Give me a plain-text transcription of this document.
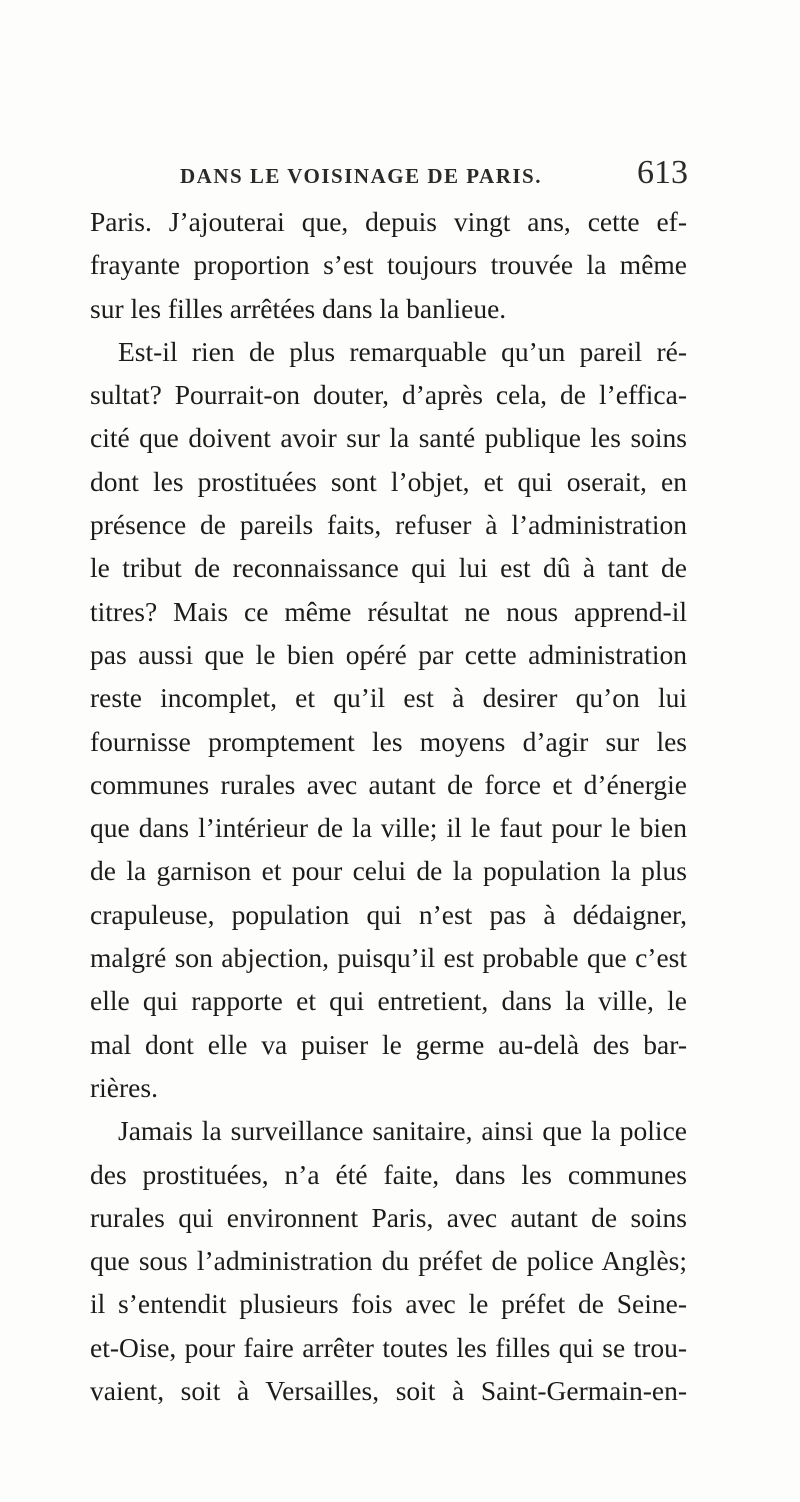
DANS LE VOISINAGE DE PARIS.	613
Paris. J’ajouterai que, depuis vingt ans, cette ef-
frayante proportion s’est toujours trouvée la même
sur les filles arrêtées dans la banlieue.
Est-il rien de plus remarquable qu’un pareil ré-
sultat? Pourrait-on douter, d’après cela, de l’effica-
cité que doivent avoir sur la santé publique les soins
dont les prostituées sont l’objet, et qui oserait, en
présence de pareils faits, refuser à l’administration
le tribut de reconnaissance qui lui est dû à tant de
titres? Mais ce même résultat ne nous apprend-il
pas aussi que le bien opéré par cette administration
reste incomplet, et qu’il est à desirer qu’on lui
fournisse promptement les moyens d’agir sur les
communes rurales avec autant de force et d’énergie
que dans l’intérieur de la ville; il le faut pour le bien
de la garnison et pour celui de la population la plus
crapuleuse, population qui n’est pas à dédaigner,
malgré son abjection, puisqu’il est probable que c’est
elle qui rapporte et qui entretient, dans la ville, le
mal dont elle va puiser le germe au-delà des bar-
rières.
Jamais la surveillance sanitaire, ainsi que la police
des prostituées, n’a été faite, dans les communes
rurales qui environnent Paris, avec autant de soins
que sous l’administration du préfet de police Anglès;
il s’entendit plusieurs fois avec le préfet de Seine-
et-Oise, pour faire arrêter toutes les filles qui se trou-
vaient, soit à Versailles, soit à Saint-Germain-en-
